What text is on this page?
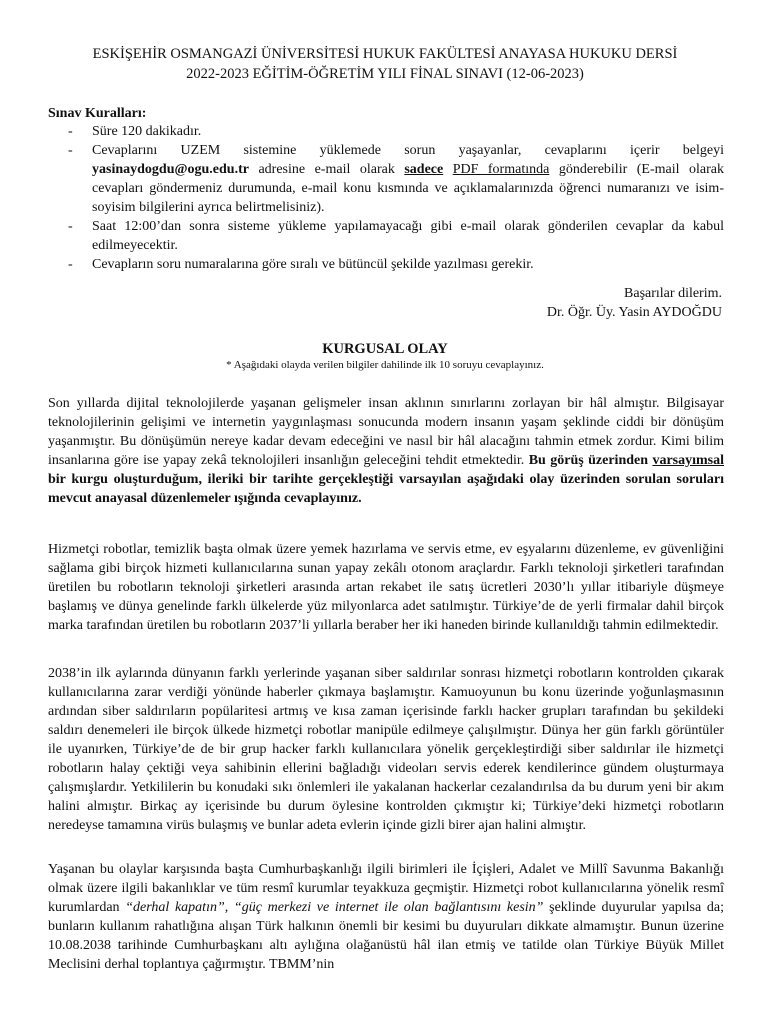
ESKİŞEHİR OSMANGAZİ ÜNİVERSİTESİ HUKUK FAKÜLTESİ ANAYASA HUKUKU DERSİ
2022-2023 EĞİTİM-ÖĞRETİM YILI FİNAL SINAVI (12-06-2023)
Sınav Kuralları:
- Süre 120 dakikadır.
- Cevaplarını UZEM sistemine yüklemede sorun yaşayanlar, cevaplarını içerir belgeyi yasinaydogdu@ogu.edu.tr adresine e-mail olarak sadece PDF formatında gönderebilir (E-mail olarak cevapları göndermeniz durumunda, e-mail konu kısmında ve açıklamalarınızda öğrenci numaranızı ve isim-soyisim bilgilerini ayrıca belirtmelisiniz).
- Saat 12:00’dan sonra sisteme yükleme yapılamayacağı gibi e-mail olarak gönderilen cevaplar da kabul edilmeyecektir.
- Cevapların soru numaralarına göre sıralı ve bütüncül şekilde yazılması gerekir.
Başarılar dilerim.
Dr. Öğr. Üy. Yasin AYDOĞDU
KURGUSAL OLAY
* Aşağıdaki olayda verilen bilgiler dahilinde ilk 10 soruyu cevaplayınız.

Son yıllarda dijital teknolojilerde yaşanan gelişmeler insan aklının sınırlarını zorlayan bir hâl almıştır. Bilgisayar teknolojilerinin gelişimi ve internetin yaygınlaşması sonucunda modern insanın yaşam şeklinde ciddi bir dönüşüm yaşanmıştır. Bu dönüşümün nereye kadar devam edeceğini ve nasıl bir hâl alacağını tahmin etmek zordur. Kimi bilim insanlarına göre ise yapay zekâ teknolojileri insanlığın geleceğini tehdit etmektedir. Bu görüş üzerinden varsayımsal bir kurgu oluşturduğum, ileriki bir tarihte gerçekleştiği varsayılan aşağıdaki olay üzerinden sorulan soruları mevcut anayasal düzenlemeler ışığında cevaplayınız.

Hizmetçi robotlar, temizlik başta olmak üzere yemek hazırlama ve servis etme, ev eşyalarını düzenleme, ev güvenliğini sağlama gibi birçok hizmeti kullanıcılarına sunan yapay zekâlı otonom araçlardır. Farklı teknoloji şirketleri tarafından üretilen bu robotların teknoloji şirketleri arasında artan rekabet ile satış ücretleri 2030’lı yıllar itibariyle düşmeye başlamış ve dünya genelinde farklı ülkelerde yüz milyonlarca adet satılmıştır. Türkiye’de de yerli firmalar dahil birçok marka tarafından üretilen bu robotların 2037’li yıllarla beraber her iki haneden birinde kullanıldığı tahmin edilmektedir.

2038’in ilk aylarında dünyanın farklı yerlerinde yaşanan siber saldırılar sonrası hizmetçi robotların kontrolden çıkarak kullanıcılarına zarar verdiği yönünde haberler çıkmaya başlamıştır. Kamuoyunun bu konu üzerinde yoğunlaşmasının ardından siber saldırıların popülaritesi artmış ve kısa zaman içerisinde farklı hacker grupları tarafından bu şekildeki saldırı denemeleri ile birçok ülkede hizmetçi robotlar manipüle edilmeye çalışılmıştır. Dünya her gün farklı görüntüler ile uyanırken, Türkiye’de de bir grup hacker farklı kullanıcılara yönelik gerçekleştirdiği siber saldırılar ile hizmetçi robotların halay çektiği veya sahibinin ellerini bağladığı videoları servis ederek kendilerince gündem oluşturmaya çalışmışlardır. Yetkililerin bu konudaki sıkı önlemleri ile yakalanan hackerlar cezalandırılsa da bu durum yeni bir akım halini almıştır. Birkaç ay içerisinde bu durum öylesine kontrolden çıkmıştır ki; Türkiye’deki hizmetçi robotların neredeyse tamamına virüs bulaşmış ve bunlar adeta evlerin içinde gizli birer ajan halini almıştır.

Yaşanan bu olaylar karşısında başta Cumhurbaşkanlığı ilgili birimleri ile İçişleri, Adalet ve Millî Savunma Bakanlığı olmak üzere ilgili bakanlıklar ve tüm resmî kurumlar teyakkuza geçmiştir. Hizmetçi robot kullanıcılarına yönelik resmî kurumlardan “derhal kapatın”, “güç merkezi ve internet ile olan bağlantısını kesin” şeklinde duyurular yapılsa da; bunların kullanım rahatlığına alışan Türk halkının önemli bir kesimi bu duyuruları dikkate almamıştır. Bunun üzerine 10.08.2038 tarihinde Cumhurbaşkanı altı aylığına olağanüstü hâl ilan etmiş ve tatilde olan Türkiye Büyük Millet Meclisini derhal toplantıya çağırmıştır. TBMM’nin
